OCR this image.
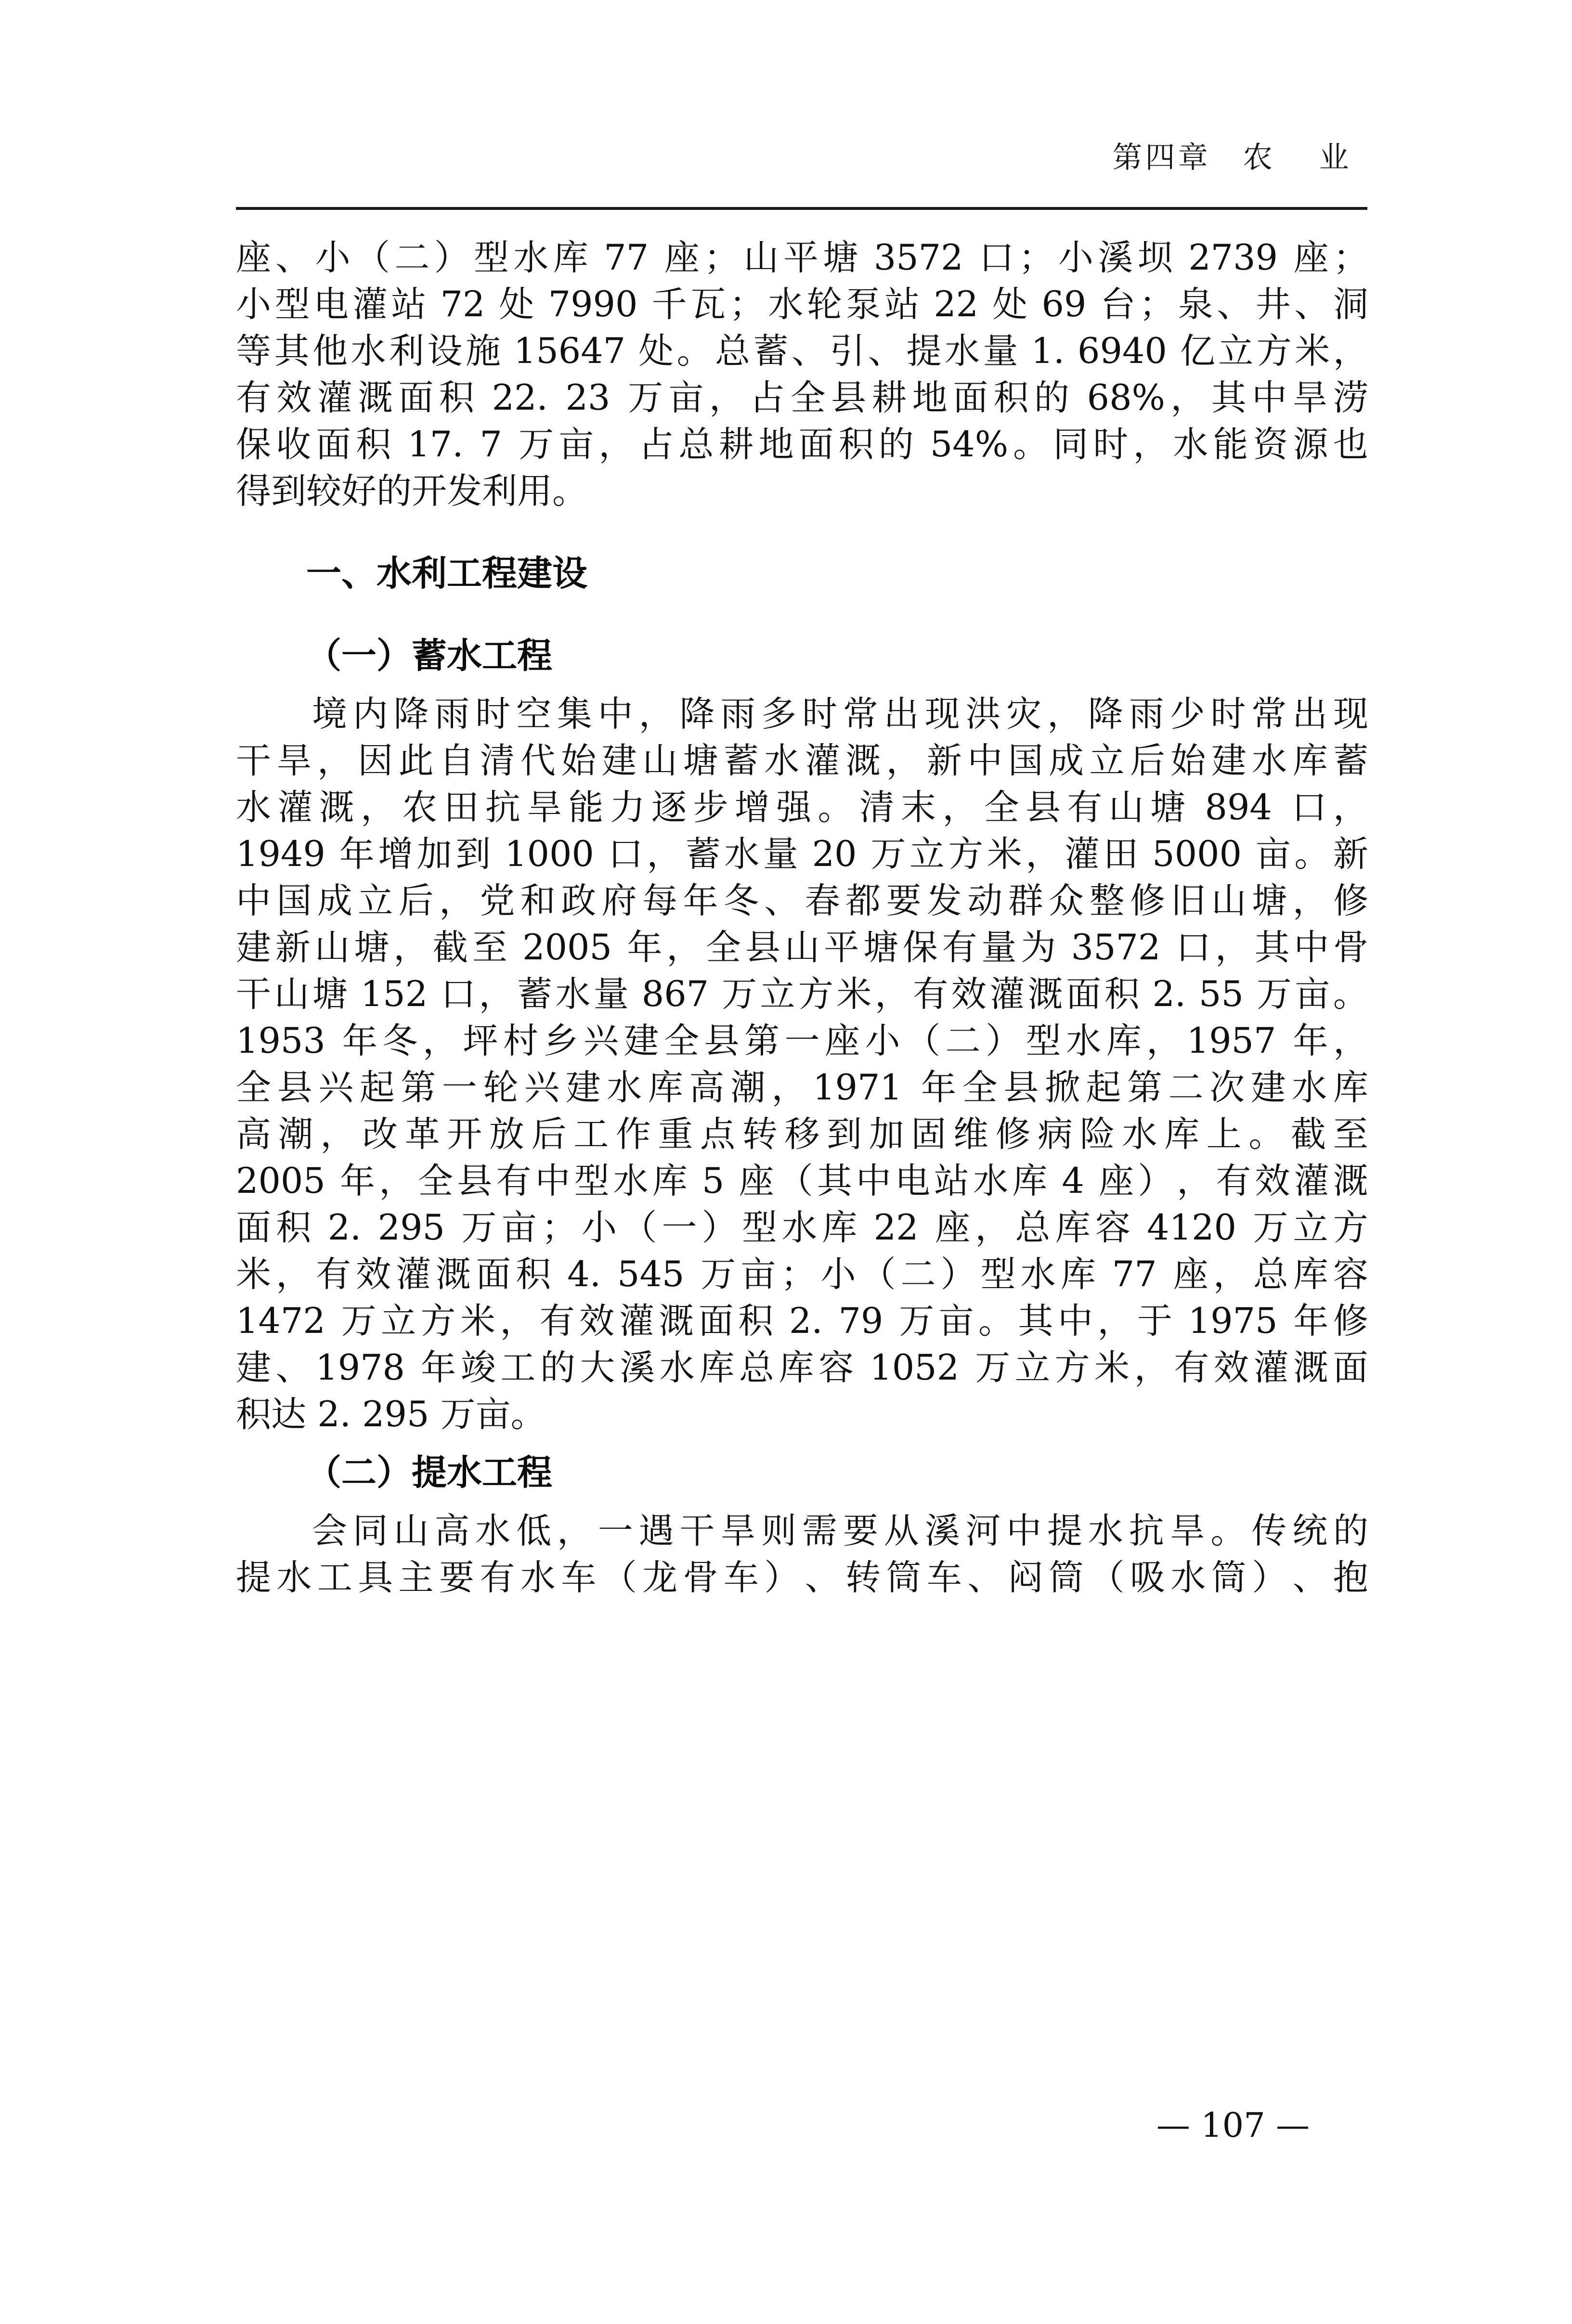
第四章 农 业
座 、 小 （ 二 ） 型 水 库 77 座 ； 山 平 塘 3572 口 ； 小 溪 坝 2739 座 ；
小 型 电 灌 站 72 处 7990 千 瓦 ； 水 轮 泵 站 22 处 69 台 ； 泉 、 井 、 洞
等 其 他 水 利 设 施 15647 处 。 总 蓄 、 引 、 提 水 量 1. 6940 亿 立 方 米 ，
有 效 灌 溉 面 积 22. 23 万 亩 ， 占 全 县 耕 地 面 积 的 68% ， 其 中 旱 涝
保 收 面 积 17. 7 万 亩 ， 占 总 耕 地 面 积 的 54% 。 同 时 ， 水 能 资 源 也
得到较好的开发利用。
一、水利工程建设
（一）蓄水工程
境 内 降 雨 时 空 集 中 ， 降 雨 多 时 常 出 现 洪 灾 ， 降 雨 少 时 常 出 现
干 旱 ， 因 此 自 清 代 始 建 山 塘 蓄 水 灌 溉 ， 新 中 国 成 立 后 始 建 水 库 蓄
水 灌 溉 ， 农 田 抗 旱 能 力 逐 步 增 强 。 清 末 ， 全 县 有 山 塘 894 口 ，
1949 年 增 加 到 1000 口 ， 蓄 水 量 20 万 立 方 米 ， 灌 田 5000 亩 。 新
中 国 成 立 后 ， 党 和 政 府 每 年 冬 、 春 都 要 发 动 群 众 整 修 旧 山 塘 ， 修
建 新 山 塘 ， 截 至 2005 年 ， 全 县 山 平 塘 保 有 量 为 3572 口 ， 其 中 骨
干 山 塘 152 口 ， 蓄 水 量 867 万 立 方 米 ， 有 效 灌 溉 面 积 2. 55 万 亩 。
1953 年 冬 ， 坪 村 乡 兴 建 全 县 第 一 座 小 （ 二 ） 型 水 库 ， 1957 年 ，
全 县 兴 起 第 一 轮 兴 建 水 库 高 潮 ， 1971 年 全 县 掀 起 第 二 次 建 水 库
高 潮 ， 改 革 开 放 后 工 作 重 点 转 移 到 加 固 维 修 病 险 水 库 上 。 截 至
2005 年 ， 全 县 有 中 型 水 库 5 座 （ 其 中 电 站 水 库 4 座 ） ， 有 效 灌 溉
面 积 2. 295 万 亩 ； 小 （ 一 ） 型 水 库 22 座 ， 总 库 容 4120 万 立 方
米 ， 有 效 灌 溉 面 积 4. 545 万 亩 ； 小 （ 二 ） 型 水 库 77 座 ， 总 库 容
1472 万 立 方 米 ， 有 效 灌 溉 面 积 2. 79 万 亩 。 其 中 ， 于 1975 年 修
建 、 1978 年 竣 工 的 大 溪 水 库 总 库 容 1052 万 立 方 米 ， 有 效 灌 溉 面
积达 2. 295 万亩。
（二）提水工程
会 同 山 高 水 低 ， 一 遇 干 旱 则 需 要 从 溪 河 中 提 水 抗 旱 。 传 统 的
提 水 工 具 主 要 有 水 车 （ 龙 骨 车 ） 、 转 筒 车 、 闷 筒 （ 吸 水 筒 ） 、 抱
— 107 —
